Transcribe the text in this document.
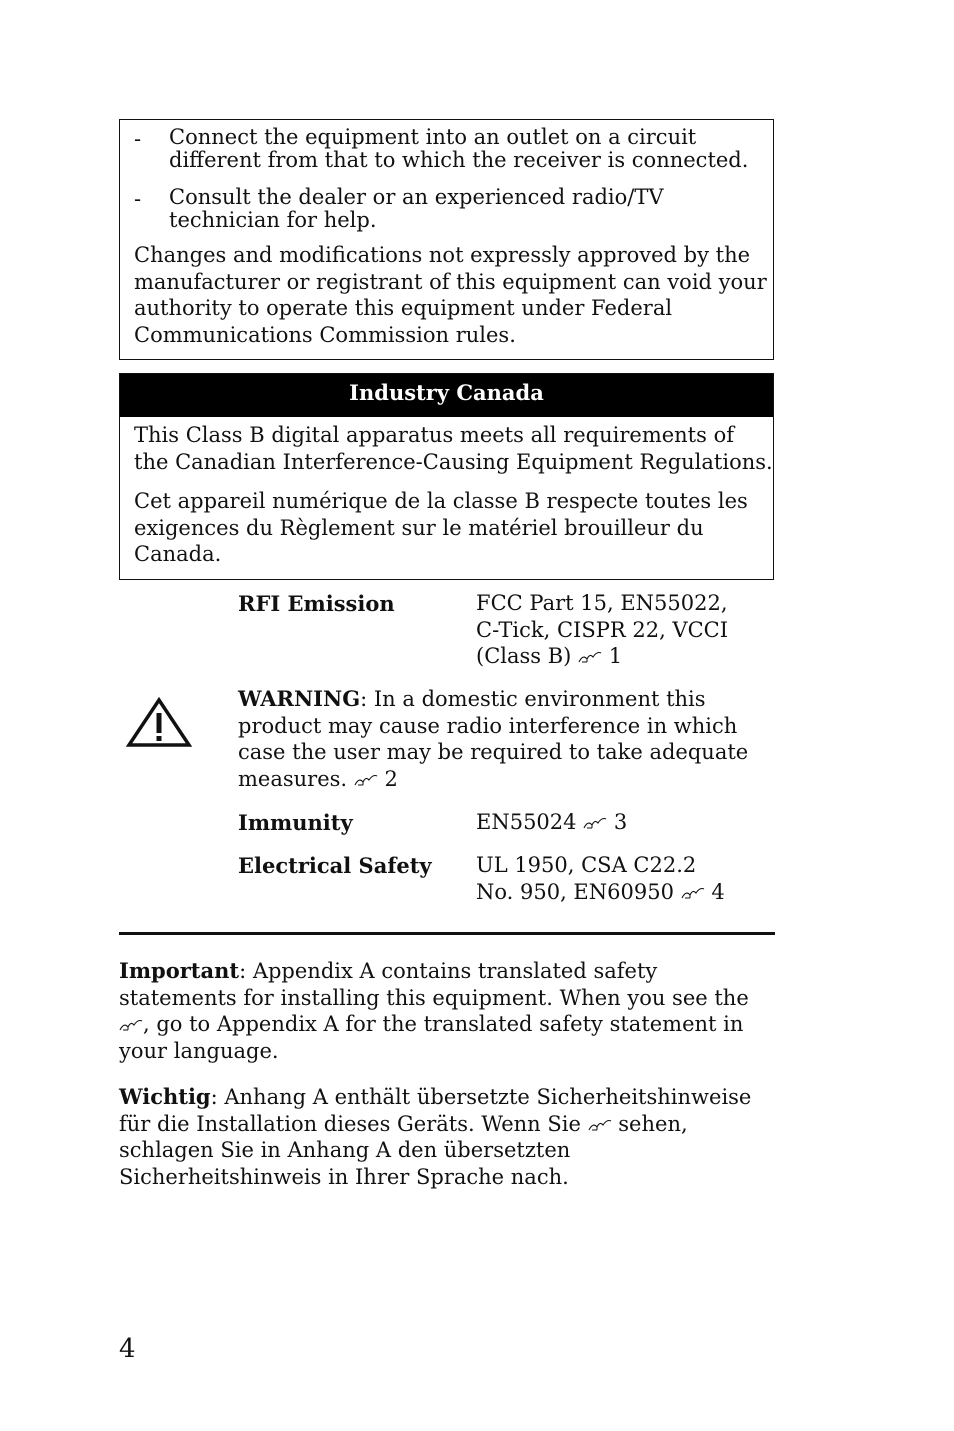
- Connect the equipment into an outlet on a circuit different from that to which the receiver is connected.
- Consult the dealer or an experienced radio/TV technician for help.
Changes and modifications not expressly approved by the manufacturer or registrant of this equipment can void your authority to operate this equipment under Federal Communications Commission rules.
Industry Canada
This Class B digital apparatus meets all requirements of the Canadian Interference-Causing Equipment Regulations.
Cet appareil numérique de la classe B respecte toutes les exigences du Règlement sur le matériel brouilleur du Canada.
RFI Emission	FCC Part 15, EN55022,
C-Tick, CISPR 22, VCCI
(Class B) 1
WARNING: In a domestic environment this product may cause radio interference in which case the user may be required to take adequate measures. 2
Immunity	EN55024 3
Electrical Safety UL 1950, CSA C22.2
No. 950, EN60950 4
Important: Appendix A contains translated safety statements for installing this equipment. When you see the , go to Appendix A for the translated safety statement in your language.
Wichtig: Anhang A enthält übersetzte Sicherheitshinweise für die Installation dieses Geräts. Wenn Sie  sehen, schlagen Sie in Anhang A den übersetzten Sicherheitshinweis in Ihrer Sprache nach.
4
